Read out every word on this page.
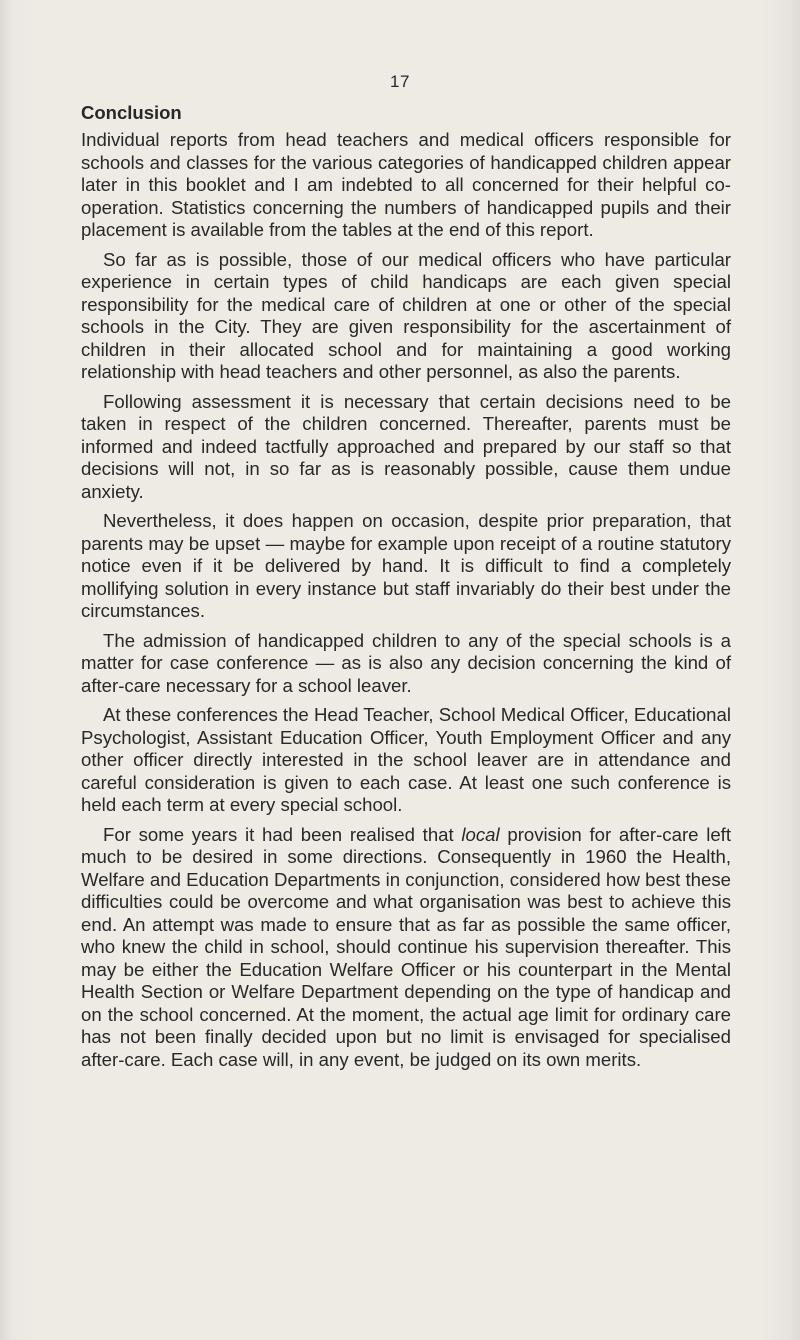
17
Conclusion

Individual reports from head teachers and medical officers responsible for schools and classes for the various categories of handicapped children appear later in this booklet and I am indebted to all concerned for their helpful co-operation. Statistics concerning the numbers of handicapped pupils and their placement is available from the tables at the end of this report.

So far as is possible, those of our medical officers who have particular experience in certain types of child handicaps are each given special responsibility for the medical care of children at one or other of the special schools in the City. They are given responsibility for the ascertainment of children in their allocated school and for maintaining a good working relationship with head teachers and other personnel, as also the parents.

Following assessment it is necessary that certain decisions need to be taken in respect of the children concerned. Thereafter, parents must be informed and indeed tactfully approached and prepared by our staff so that decisions will not, in so far as is reasonably possible, cause them undue anxiety.

Nevertheless, it does happen on occasion, despite prior preparation, that parents may be upset — maybe for example upon receipt of a routine statutory notice even if it be delivered by hand. It is difficult to find a completely mollifying solution in every instance but staff invariably do their best under the circumstances.

The admission of handicapped children to any of the special schools is a matter for case conference — as is also any decision concerning the kind of after-care necessary for a school leaver.

At these conferences the Head Teacher, School Medical Officer, Educational Psychologist, Assistant Education Officer, Youth Employment Officer and any other officer directly interested in the school leaver are in attendance and careful consideration is given to each case. At least one such conference is held each term at every special school.

For some years it had been realised that local provision for after-care left much to be desired in some directions. Consequently in 1960 the Health, Welfare and Education Departments in conjunction, considered how best these difficulties could be overcome and what organisation was best to achieve this end. An attempt was made to ensure that as far as possible the same officer, who knew the child in school, should continue his supervision thereafter. This may be either the Education Welfare Officer or his counterpart in the Mental Health Section or Welfare Department depending on the type of handicap and on the school concerned. At the moment, the actual age limit for ordinary care has not been finally decided upon but no limit is envisaged for specialised after-care. Each case will, in any event, be judged on its own merits.
